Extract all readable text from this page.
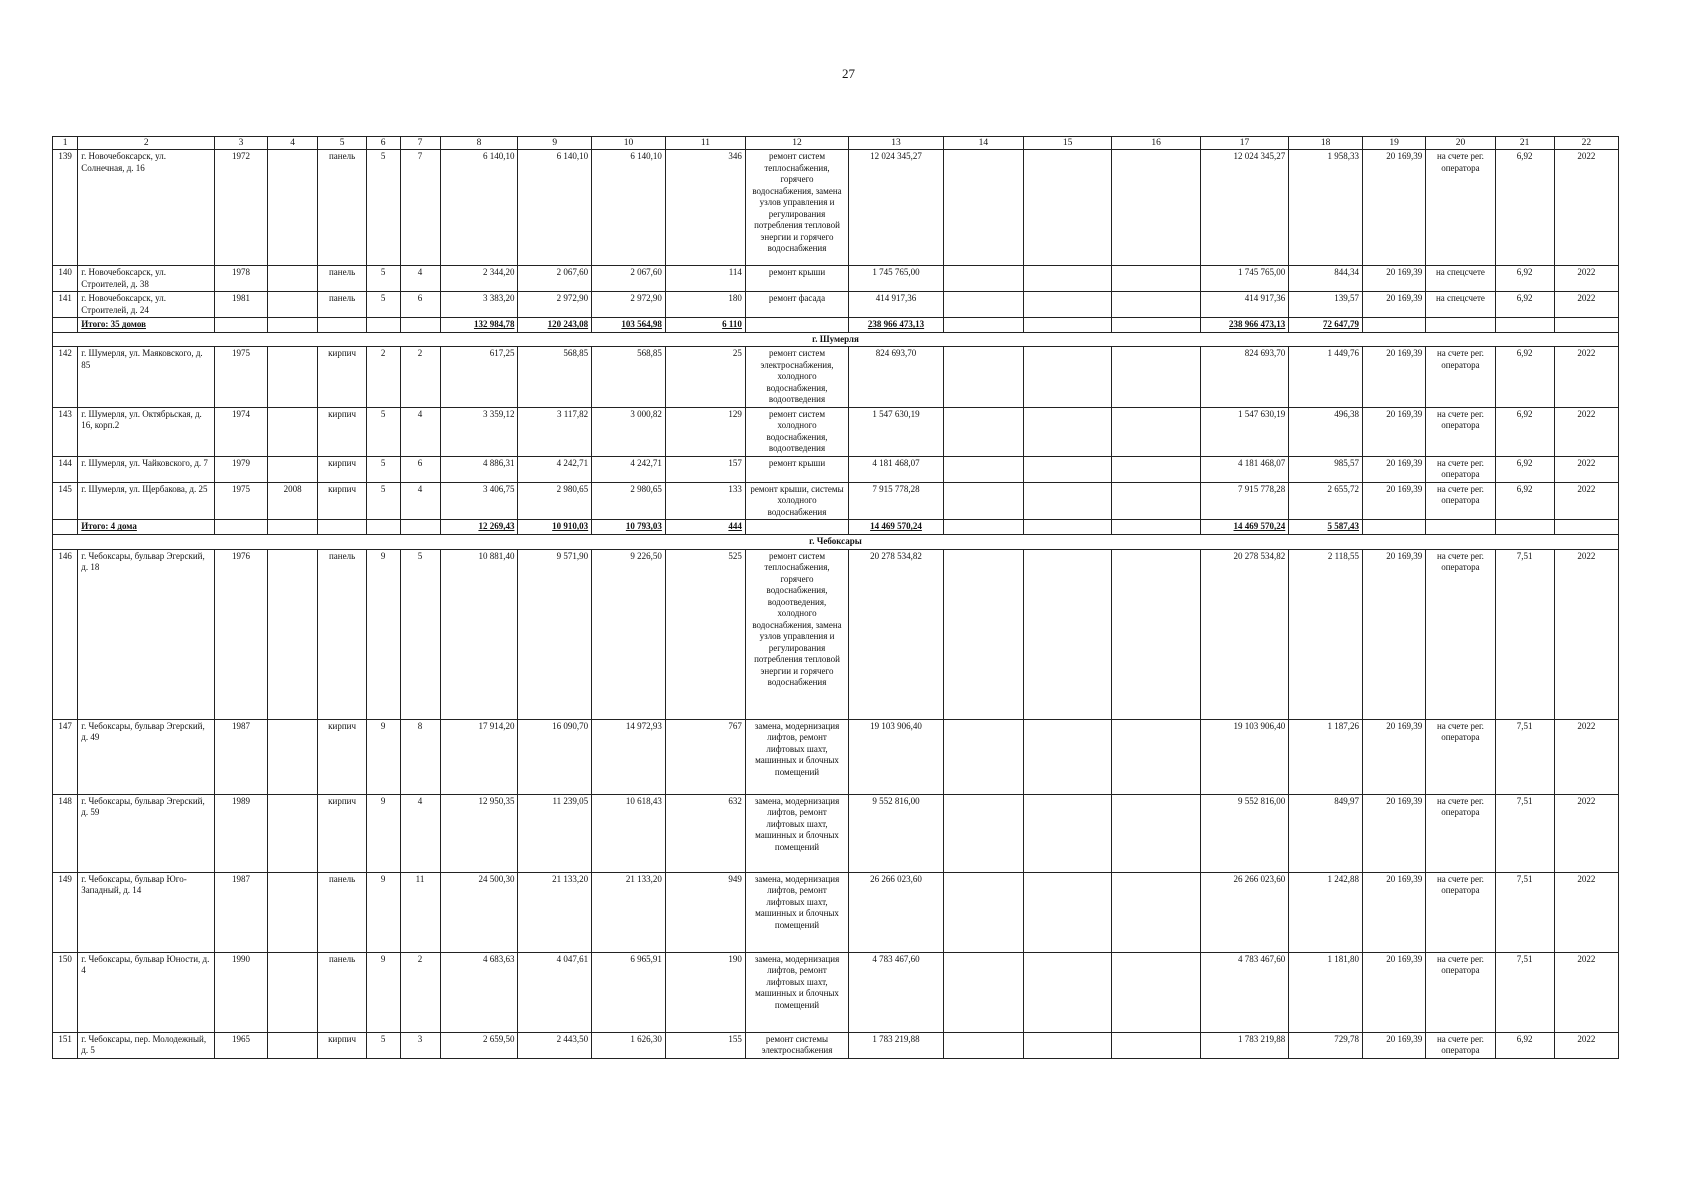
27
1	2	3	4	5	6	7	8	9	10	11	12	13	14	15	16	17	18	19	20	21	22
139	г. Новочебоксарск, ул. Солнечная, д. 16	1972		панель	5	7	6 140,10	6 140,10	6 140,10	346	ремонт систем теплоснабжения, горячего водоснабжения, замена узлов управления и регулирования потребления тепловой энергии и горячего водоснабжения	12 024 345,27				12 024 345,27	1 958,33	20 169,39	на счете рег. оператора	6,92	2022
140	г. Новочебоксарск, ул. Строителей, д. 38	1978		панель	5	4	2 344,20	2 067,60	2 067,60	114	ремонт крыши	1 745 765,00				1 745 765,00	844,34	20 169,39	на спецсчете	6,92	2022
141	г. Новочебоксарск, ул. Строителей, д. 24	1981		панель	5	6	3 383,20	2 972,90	2 972,90	180	ремонт фасада	414 917,36				414 917,36	139,57	20 169,39	на спецсчете	6,92	2022
	Итого: 35 домов						132 984,78	120 243,08	103 564,98	6 110		238 966 473,13				238 966 473,13	72 647,79				
г. Шумерля																					
142	г. Шумерля, ул. Маяковского, д. 85	1975		кирпич	2	2	617,25	568,85	568,85	25	ремонт систем электроснабжения, холодного водоснабжения, водоотведения	824 693,70				824 693,70	1 449,76	20 169,39	на счете рег. оператора	6,92	2022
143	г. Шумерля, ул. Октябрьская, д. 16, корп.2	1974		кирпич	5	4	3 359,12	3 117,82	3 000,82	129	ремонт систем холодного водоснабжения, водоотведения	1 547 630,19				1 547 630,19	496,38	20 169,39	на счете рег. оператора	6,92	2022
144	г. Шумерля, ул. Чайковского, д. 7	1979		кирпич	5	6	4 886,31	4 242,71	4 242,71	157	ремонт крыши	4 181 468,07				4 181 468,07	985,57	20 169,39	на счете рег. оператора	6,92	2022
145	г. Шумерля, ул. Щербакова, д. 25	1975	2008	кирпич	5	4	3 406,75	2 980,65	2 980,65	133	ремонт крыши, системы холодного водоснабжения	7 915 778,28				7 915 778,28	2 655,72	20 169,39	на счете рег. оператора	6,92	2022
	Итого: 4 дома						12 269,43	10 910,03	10 793,03	444		14 469 570,24				14 469 570,24	5 587,43				
г. Чебоксары																					
146	г. Чебоксары, бульвар Эгерский, д. 18	1976		панель	9	5	10 881,40	9 571,90	9 226,50	525	ремонт систем теплоснабжения, горячего водоснабжения, водоотведения, холодного водоснабжения, замена узлов управления и регулирования потребления тепловой энергии и горячего водоснабжения	20 278 534,82				20 278 534,82	2 118,55	20 169,39	на счете рег. оператора	7,51	2022
147	г. Чебоксары, бульвар Эгерский, д. 49	1987		кирпич	9	8	17 914,20	16 090,70	14 972,93	767	замена, модернизация лифтов, ремонт лифтовых шахт, машинных и блочных помещений	19 103 906,40				19 103 906,40	1 187,26	20 169,39	на счете рег. оператора	7,51	2022
148	г. Чебоксары, бульвар Эгерский, д. 59	1989		кирпич	9	4	12 950,35	11 239,05	10 618,43	632	замена, модернизация лифтов, ремонт лифтовых шахт, машинных и блочных помещений	9 552 816,00				9 552 816,00	849,97	20 169,39	на счете рег. оператора	7,51	2022
149	г. Чебоксары, бульвар Юго-Западный, д. 14	1987		панель	9	11	24 500,30	21 133,20	21 133,20	949	замена, модернизация лифтов, ремонт лифтовых шахт, машинных и блочных помещений	26 266 023,60				26 266 023,60	1 242,88	20 169,39	на счете рег. оператора	7,51	2022
150	г. Чебоксары, бульвар Юности, д. 4	1990		панель	9	2	4 683,63	4 047,61	6 965,91	190	замена, модернизация лифтов, ремонт лифтовых шахт, машинных и блочных помещений	4 783 467,60				4 783 467,60	1 181,80	20 169,39	на счете рег. оператора	7,51	2022
151	г. Чебоксары, пер. Молодежный, д. 5	1965		кирпич	5	3	2 659,50	2 443,50	1 626,30	155	ремонт системы электроснабжения	1 783 219,88				1 783 219,88	729,78	20 169,39	на счете рег. оператора	6,92	2022
